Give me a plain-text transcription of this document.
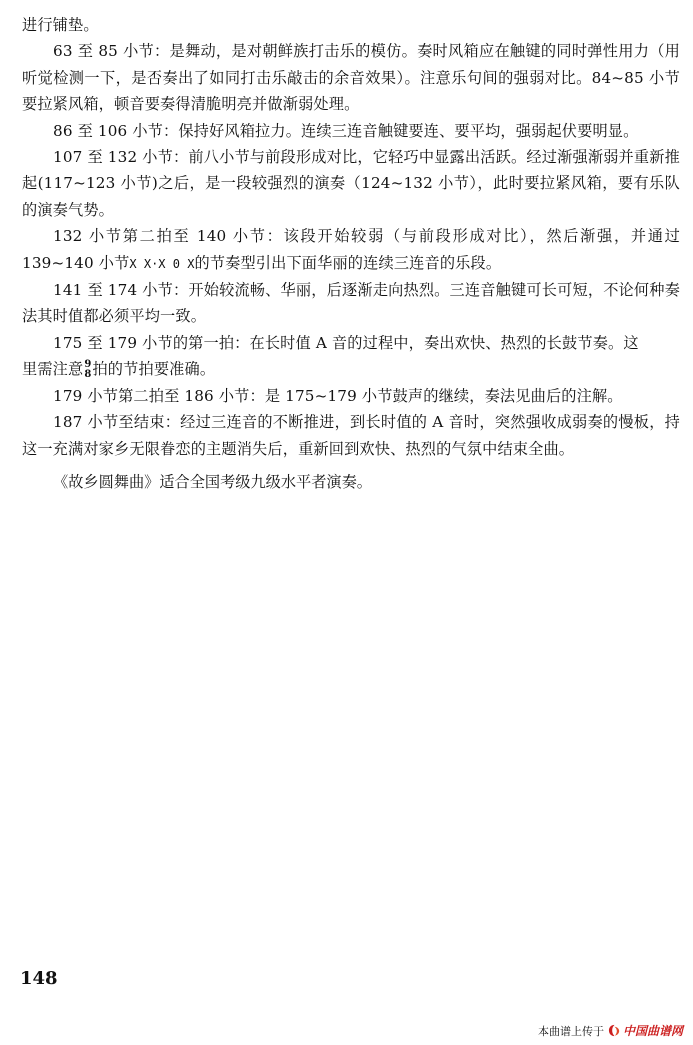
进行铺垫。

63 至 85 小节：是舞动，是对朝鲜族打击乐的模仿。奏时风箱应在触键的同时弹性用力（用听觉检测一下，是否奏出了如同打击乐敲击的余音效果）。注意乐句间的强弱对比。84~85 小节要拉紧风箱，顿音要奏得清脆明亮并做渐弱处理。

86 至 106 小节：保持好风箱拉力。连续三连音触键要连、要平均，强弱起伏要明显。

107 至 132 小节：前八小节与前段形成对比，它轻巧中显露出活跃。经过渐强渐弱并重新推起(117~123 小节)之后，是一段较强烈的演奏（124~132 小节），此时要拉紧风箱，要有乐队的演奏气势。

132 小节第二拍至 140 小节：该段开始较弱（与前段形成对比），然后渐强，并通过 139~140 小节X X·X 0 X的节奏型引出下面华丽的连续三连音的乐段。

141 至 174 小节：开始较流畅、华丽，后逐渐走向热烈。三连音触键可长可短，不论何种奏法其时值都必须平均一致。

175 至 179 小节的第一拍：在长时值 A 音的过程中，奏出欢快、热烈的长鼓节奏。这

里需注意 9
8 拍的节拍要准确。

179 小节第二拍至 186 小节：是 175~179 小节鼓声的继续，奏法见曲后的注解。

187 小节至结束：经过三连音的不断推进，到长时值的 A 音时，突然强收成弱奏的慢板，持这一充满对家乡无限眷恋的主题消失后，重新回到欢快、热烈的气氛中结束全曲。

《故乡圆舞曲》适合全国考级九级水平者演奏。

148

本曲谱上传于 中国曲谱网
